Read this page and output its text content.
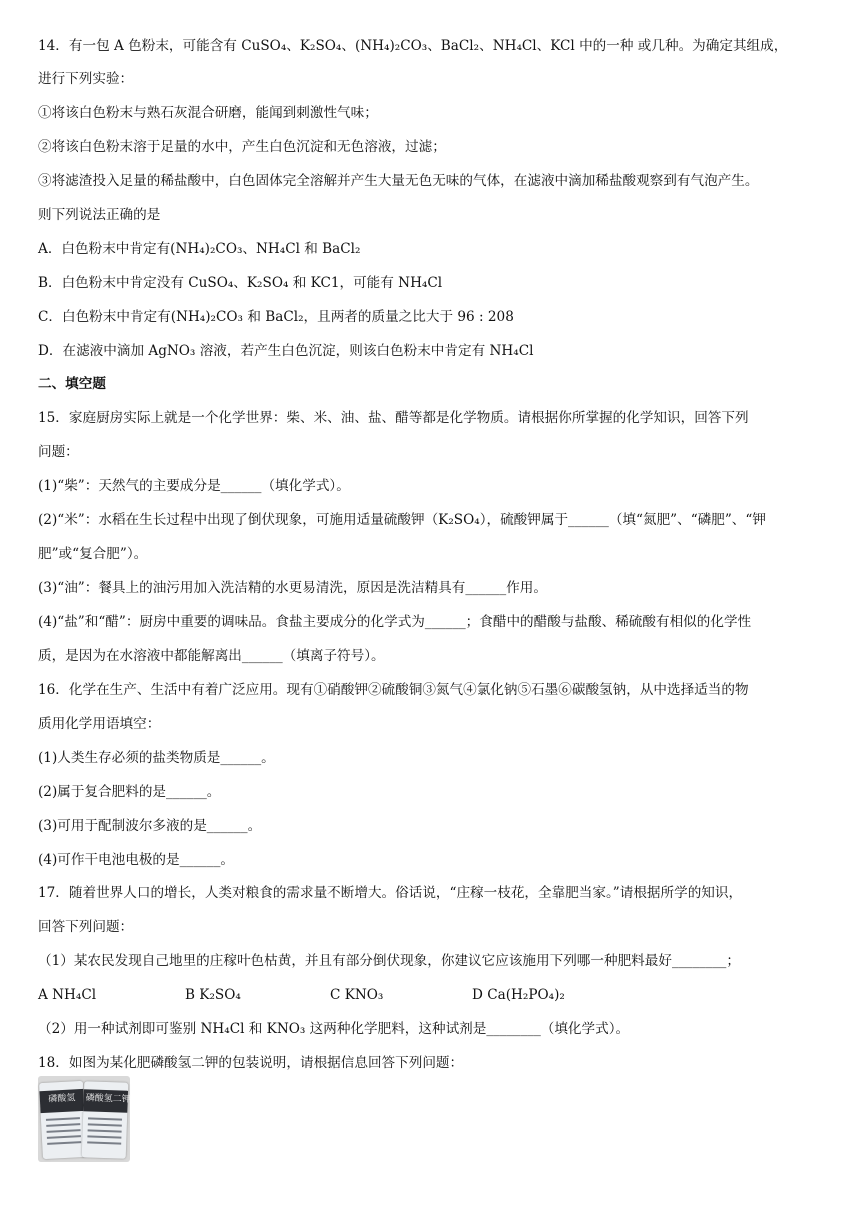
14．有一包 A 色粉末，可能含有 CuSO₄、K₂SO₄、(NH₄)₂CO₃、BaCl₂、NH₄Cl、KCl 中的一种 或几种。为确定其组成，
进行下列实验：
①将该白色粉末与熟石灰混合研磨，能闻到刺激性气味；
②将该白色粉末溶于足量的水中，产生白色沉淀和无色溶液，过滤；
③将滤渣投入足量的稀盐酸中，白色固体完全溶解并产生大量无色无味的气体，在滤液中滴加稀盐酸观察到有气泡产生。
则下列说法正确的是
A．白色粉末中肯定有(NH₄)₂CO₃、NH₄Cl 和 BaCl₂
B．白色粉末中肯定没有 CuSO₄、K₂SO₄ 和 KC1，可能有 NH₄Cl
C．白色粉末中肯定有(NH₄)₂CO₃ 和 BaCl₂，且两者的质量之比大于 96 : 208
D．在滤液中滴加 AgNO₃ 溶液，若产生白色沉淀，则该白色粉末中肯定有 NH₄Cl
二、填空题
15．家庭厨房实际上就是一个化学世界：柴、米、油、盐、醋等都是化学物质。请根据你所掌握的化学知识，回答下列
问题：
(1)“柴”：天然气的主要成分是______（填化学式）。
(2)“米”：水稻在生长过程中出现了倒伏现象，可施用适量硫酸钾（K₂SO₄），硫酸钾属于______（填“氮肥”、“磷肥”、“钾
肥”或“复合肥”）。
(3)“油”：餐具上的油污用加入洗洁精的水更易清洗，原因是洗洁精具有______作用。
(4)“盐”和“醋”：厨房中重要的调味品。食盐主要成分的化学式为______；食醋中的醋酸与盐酸、稀硫酸有相似的化学性
质，是因为在水溶液中都能解离出______（填离子符号）。
16．化学在生产、生活中有着广泛应用。现有①硝酸钾②硫酸铜③氮气④氯化钠⑤石墨⑥碳酸氢钠，从中选择适当的物
质用化学用语填空：
(1)人类生存必须的盐类物质是______。
(2)属于复合肥料的是______。
(3)可用于配制波尔多液的是______。
(4)可作干电池电极的是______。
17．随着世界人口的增长，人类对粮食的需求量不断增大。俗话说，“庄稼一枝花，全靠肥当家。”请根据所学的知识，
回答下列问题：
（1）某农民发现自己地里的庄稼叶色枯黄，并且有部分倒伏现象，你建议它应该施用下列哪一种肥料最好________；
A NH₄Cl	B K₂SO₄	C KNO₃	D Ca(H₂PO₄)₂
（2）用一种试剂即可鉴别 NH₄Cl 和 KNO₃ 这两种化学肥料，这种试剂是________（填化学式）。
18．如图为某化肥磷酸氢二钾的包装说明，请根据信息回答下列问题：
磷酸氢	磷酸氢二钾
